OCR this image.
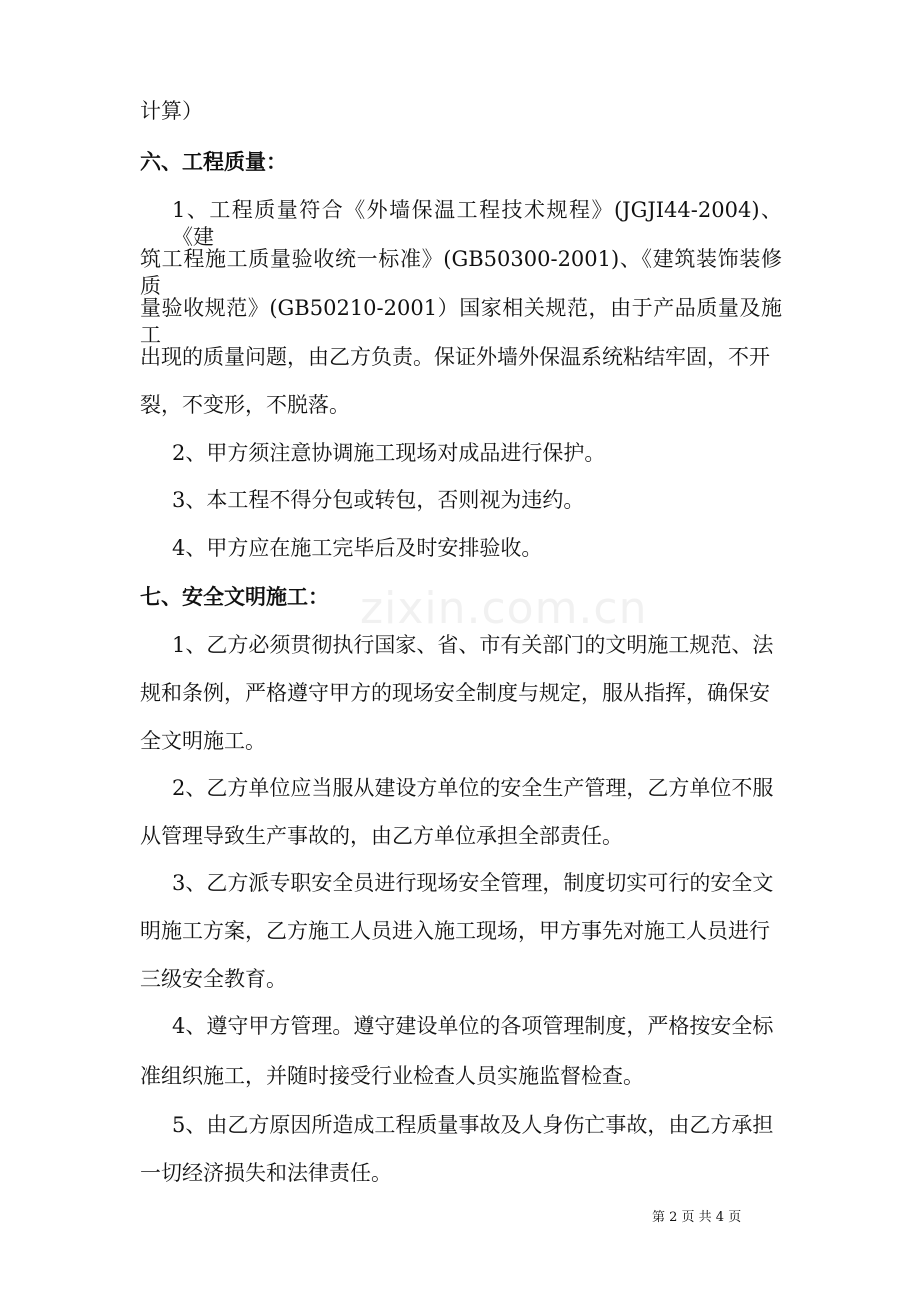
zixin.com.cn

计算）

六、工程质量：

1、工程质量符合《外墙保温工程技术规程》(JGJI44-2004)、《建

筑工程施工质量验收统一标准》(GB50300-2001)、《建筑装饰装修质

量验收规范》(GB50210-2001）国家相关规范，由于产品质量及施工

出现的质量问题，由乙方负责。保证外墙外保温系统粘结牢固，不开

裂，不变形，不脱落。

2、甲方须注意协调施工现场对成品进行保护。

3、本工程不得分包或转包，否则视为违约。

4、甲方应在施工完毕后及时安排验收。

七、安全文明施工：

1、乙方必须贯彻执行国家、省、市有关部门的文明施工规范、法

规和条例，严格遵守甲方的现场安全制度与规定，服从指挥，确保安

全文明施工。

2、乙方单位应当服从建设方单位的安全生产管理，乙方单位不服

从管理导致生产事故的，由乙方单位承担全部责任。

3、乙方派专职安全员进行现场安全管理，制度切实可行的安全文

明施工方案，乙方施工人员进入施工现场，甲方事先对施工人员进行

三级安全教育。

4、遵守甲方管理。遵守建设单位的各项管理制度，严格按安全标

准组织施工，并随时接受行业检查人员实施监督检查。

5、由乙方原因所造成工程质量事故及人身伤亡事故，由乙方承担

一切经济损失和法律责任。

第 2 页 共 4 页
